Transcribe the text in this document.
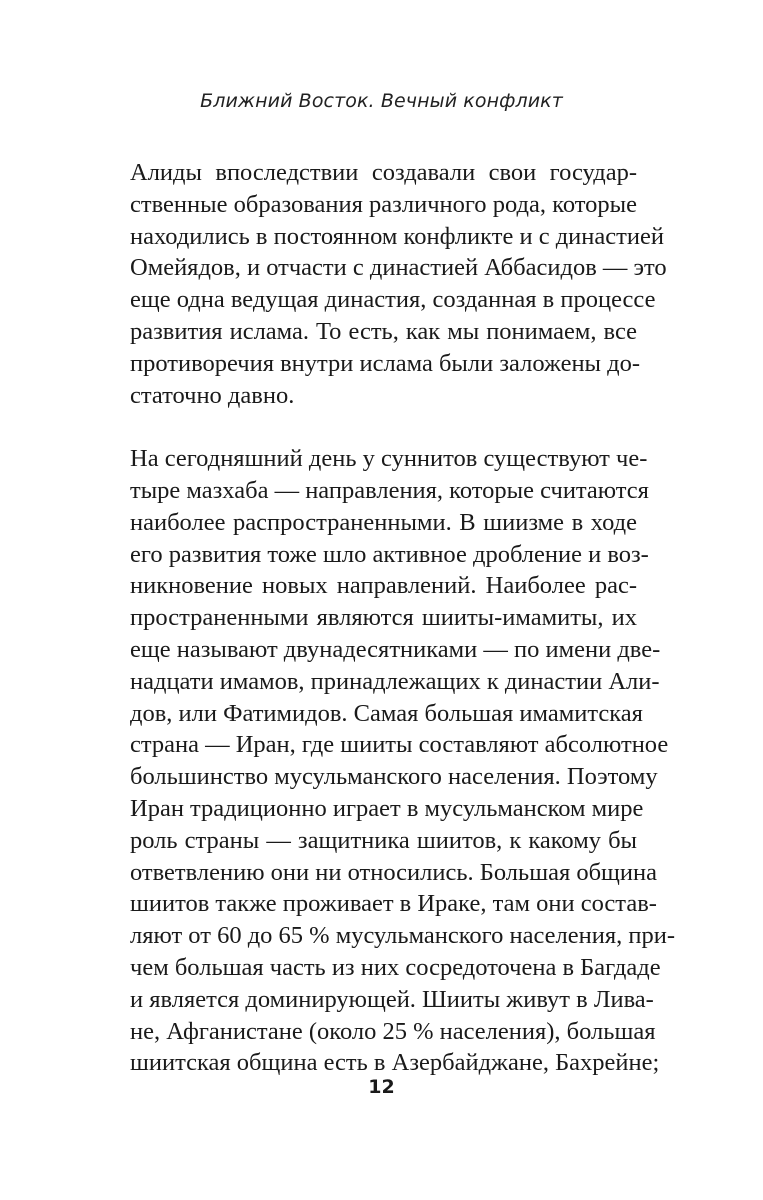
Ближний Восток. Вечный конфликт
Алиды впоследствии создавали свои государ-
ственные образования различного рода, которые
находились в постоянном конфликте и с династией
Омейядов, и отчасти с династией Аббасидов — это
еще одна ведущая династия, созданная в процессе
развития ислама. То есть, как мы понимаем, все
противоречия внутри ислама были заложены до-
статочно давно.
На сегодняшний день у суннитов существуют че-
тыре мазхаба — направления, которые считаются
наиболее распространенными. В шиизме в ходе
его развития тоже шло активное дробление и воз-
никновение новых направлений. Наиболее рас-
пространенными являются шииты-имамиты, их
еще называют двунадесятниками — по имени две-
надцати имамов, принадлежащих к династии Али-
дов, или Фатимидов. Самая большая имамитская
страна — Иран, где шииты составляют абсолютное
большинство мусульманского населения. Поэтому
Иран традиционно играет в мусульманском мире
роль страны — защитника шиитов, к какому бы
ответвлению они ни относились. Большая община
шиитов также проживает в Ираке, там они состав-
ляют от 60 до 65 % мусульманского населения, при-
чем большая часть из них сосредоточена в Багдаде
и является доминирующей. Шииты живут в Лива-
не, Афганистане (около 25 % населения), большая
шиитская община есть в Азербайджане, Бахрейне;
12
